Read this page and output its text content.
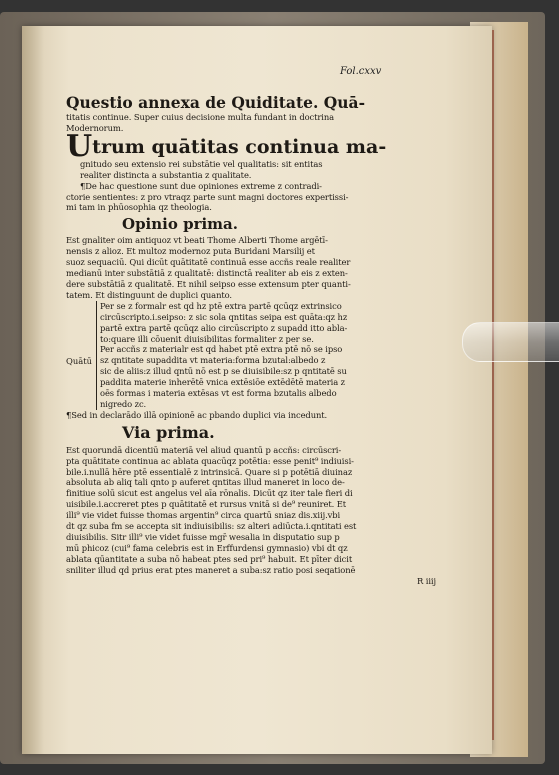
Fol.cxxv
Questio annexa de Quiditate. Quā-
titatis continue. Super cuius decisione multa fundant in doctrina
Modernorum.
Utrum quātitas continua ma-
gnitudo seu extensio rei substātie vel qualitatis: sit entitas
realiter distincta a substantia z qualitate.
¶De hac questione sunt due opiniones extreme z contradi-
ctorie sentientes: z pro vtraqz parte sunt magni doctores expertissi-
mi tam in phūosophia qz theologia.
Opinio prima.
Est gnaliter oim antiquoz vt beati Thome Alberti Thome argētī-
nensis z alioz. Et multoz modernoz puta Buridani Marsilij et
suoz sequaciū. Qui dicūt quātitatē continuā esse accñs reale realiter
medianū inter substātiā z qualitatē: distinctā realiter ab eis z exten-
dere substātiā z qualitatē. Et nihil seipso esse extensum pter quanti-
tatem. Et distinguunt de duplici quanto.
Quātū
Per se z formalr est qd hz ptē extra partē qcūqz extrinsico
circūscripto.i.seipso: z sic sola qntitas seipa est quāta:qz hz
partē extra partē qcūqz alio circūscripto z supadd itto abla-
to:quare illi cōuenit diuisibilitas formaliter z per se.
Per accñs z materialr est qd habet ptē extra ptē nō se ipso
sz qntitate supaddita vt materia:forma bzutal:albedo z
sic de aliis:z illud qntū nō est p se diuisibile:sz p qntitatē su
paddita materie inherētē vnica extēsiōe extēdētē materia z
oēs formas i materia extēsas vt est forma bzutalis albedo
nigredo zc.
¶Sed in declarādo illā opinionē ac pbando duplici via incedunt.
Via prima.
Est quorundā dicentiū materiā vel aliud quantū p accñs: circūscri-
pta quātitate continua ac ablata quacūqz potētia: esse penit⁹ indiuisi-
bile.i.nullā hēre ptē essentialē z intrinsicā. Quare si p potētiā diuinaz
absoluta ab aliq tali qnto p auferet qntitas illud maneret in loco de-
finitiue solū sicut est angelus vel aīa rōnalis. Dicūt qz iter tale fieri di
uisibile.i.accreret ptes p quātitatē et rursus vnitā si de⁹ reuniret. Et
illi⁹ vie videt fuisse thomas argentin⁹ circa quartū sniaz dis.xiij.vbi
dt qz suba fm se accepta sit indiuisibilis: sz alteri adiūcta.i.qntitati est
diuisibilis. Sitr illi⁹ vie videt fuisse mgr̄ wesalia in disputatio sup p
mū phicoz (cui⁹ fama celebris est in Erffurdensi gymnasio) vbi dt qz
ablata qūantitate a suba nō habeat ptes sed pri⁹ habuit. Et pīter dicit
sniliter illud qd prius erat ptes maneret a suba:sz ratio posi seqationē
R iiij
